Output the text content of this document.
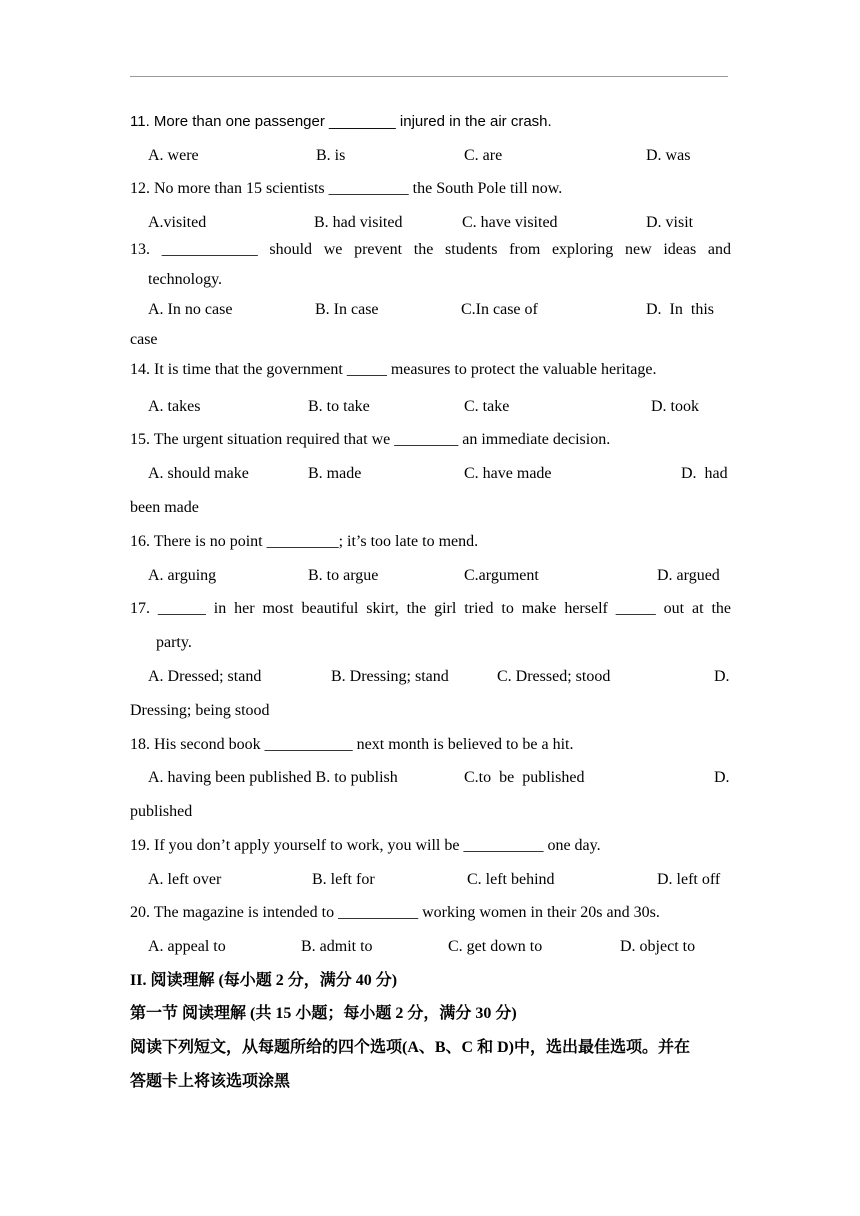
11. More than one passenger ________ injured in the air crash.
A. were	B. is	C. are	D. was
12. No more than 15 scientists __________ the South Pole till now.
A.visited	B. had visited	C. have visited	D. visit
13. ____________ should we prevent the students from exploring new ideas and
technology.
A. In no case	B. In case	C.In case of	D.  In  this
case
14. It is time that the government _____ measures to protect the valuable heritage.
A. takes	B. to take	C. take	D. took
15. The urgent situation required that we ________ an immediate decision.
A. should make	B. made	C. have made	D.  had
been made
16. There is no point _________; it’s too late to mend.
A. arguing	B. to argue	C.argument	D. argued
17. ______ in her most beautiful skirt, the girl tried to make herself _____ out at the
party.
A. Dressed; stand	B. Dressing; stand	C. Dressed; stood	D.
Dressing; being stood
18. His second book ___________ next month is believed to be a hit.
A. having been published B. to publish	C.to  be  published	D.
published
19. If you don’t apply yourself to work, you will be __________ one day.
A. left over	B. left for	C. left behind	D. left off
20. The magazine is intended to __________ working women in their 20s and 30s.
A. appeal to	B. admit to	C. get down to	D. object to
II. 阅读理解 (每小题 2 分，满分 40 分)
第一节 阅读理解 (共 15 小题；每小题 2 分，满分 30 分)
阅读下列短文，从每题所给的四个选项(A、B、C 和 D)中，选出最佳选项。并在
答题卡上将该选项涂黑
